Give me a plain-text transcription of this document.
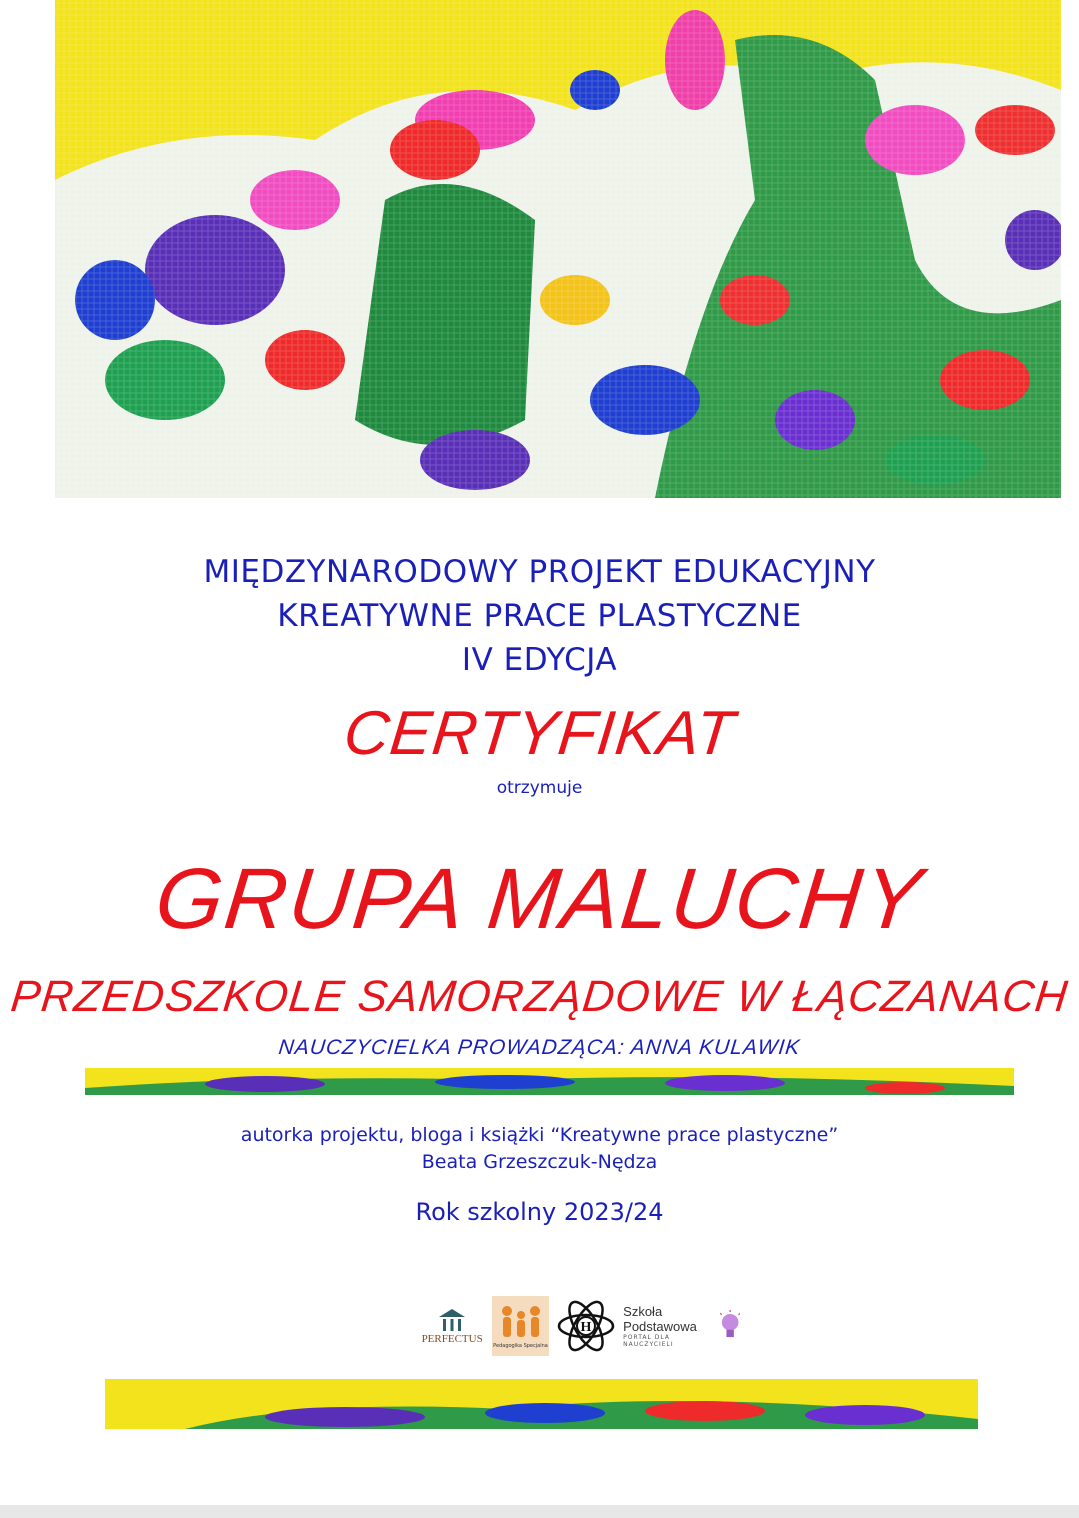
MIĘDZYNARODOWY PROJEKT EDUKACYJNY
KREATYWNE PRACE PLASTYCZNE
IV EDYCJA
CERTYFIKAT
otrzymuje
GRUPA MALUCHY
PRZEDSZKOLE SAMORZĄDOWE W ŁĄCZANACH
NAUCZYCIELKA PROWADZĄCA: ANNA KULAWIK
autorka projektu, bloga i książki “Kreatywne prace plastyczne”
Beata Grzeszczuk-Nędza
Rok szkolny 2023/24
PERFECTUS
Pedagogika Specjalna
H
Szkoła
Podstawowa
PORTAL DLA NAUCZYCIELI
